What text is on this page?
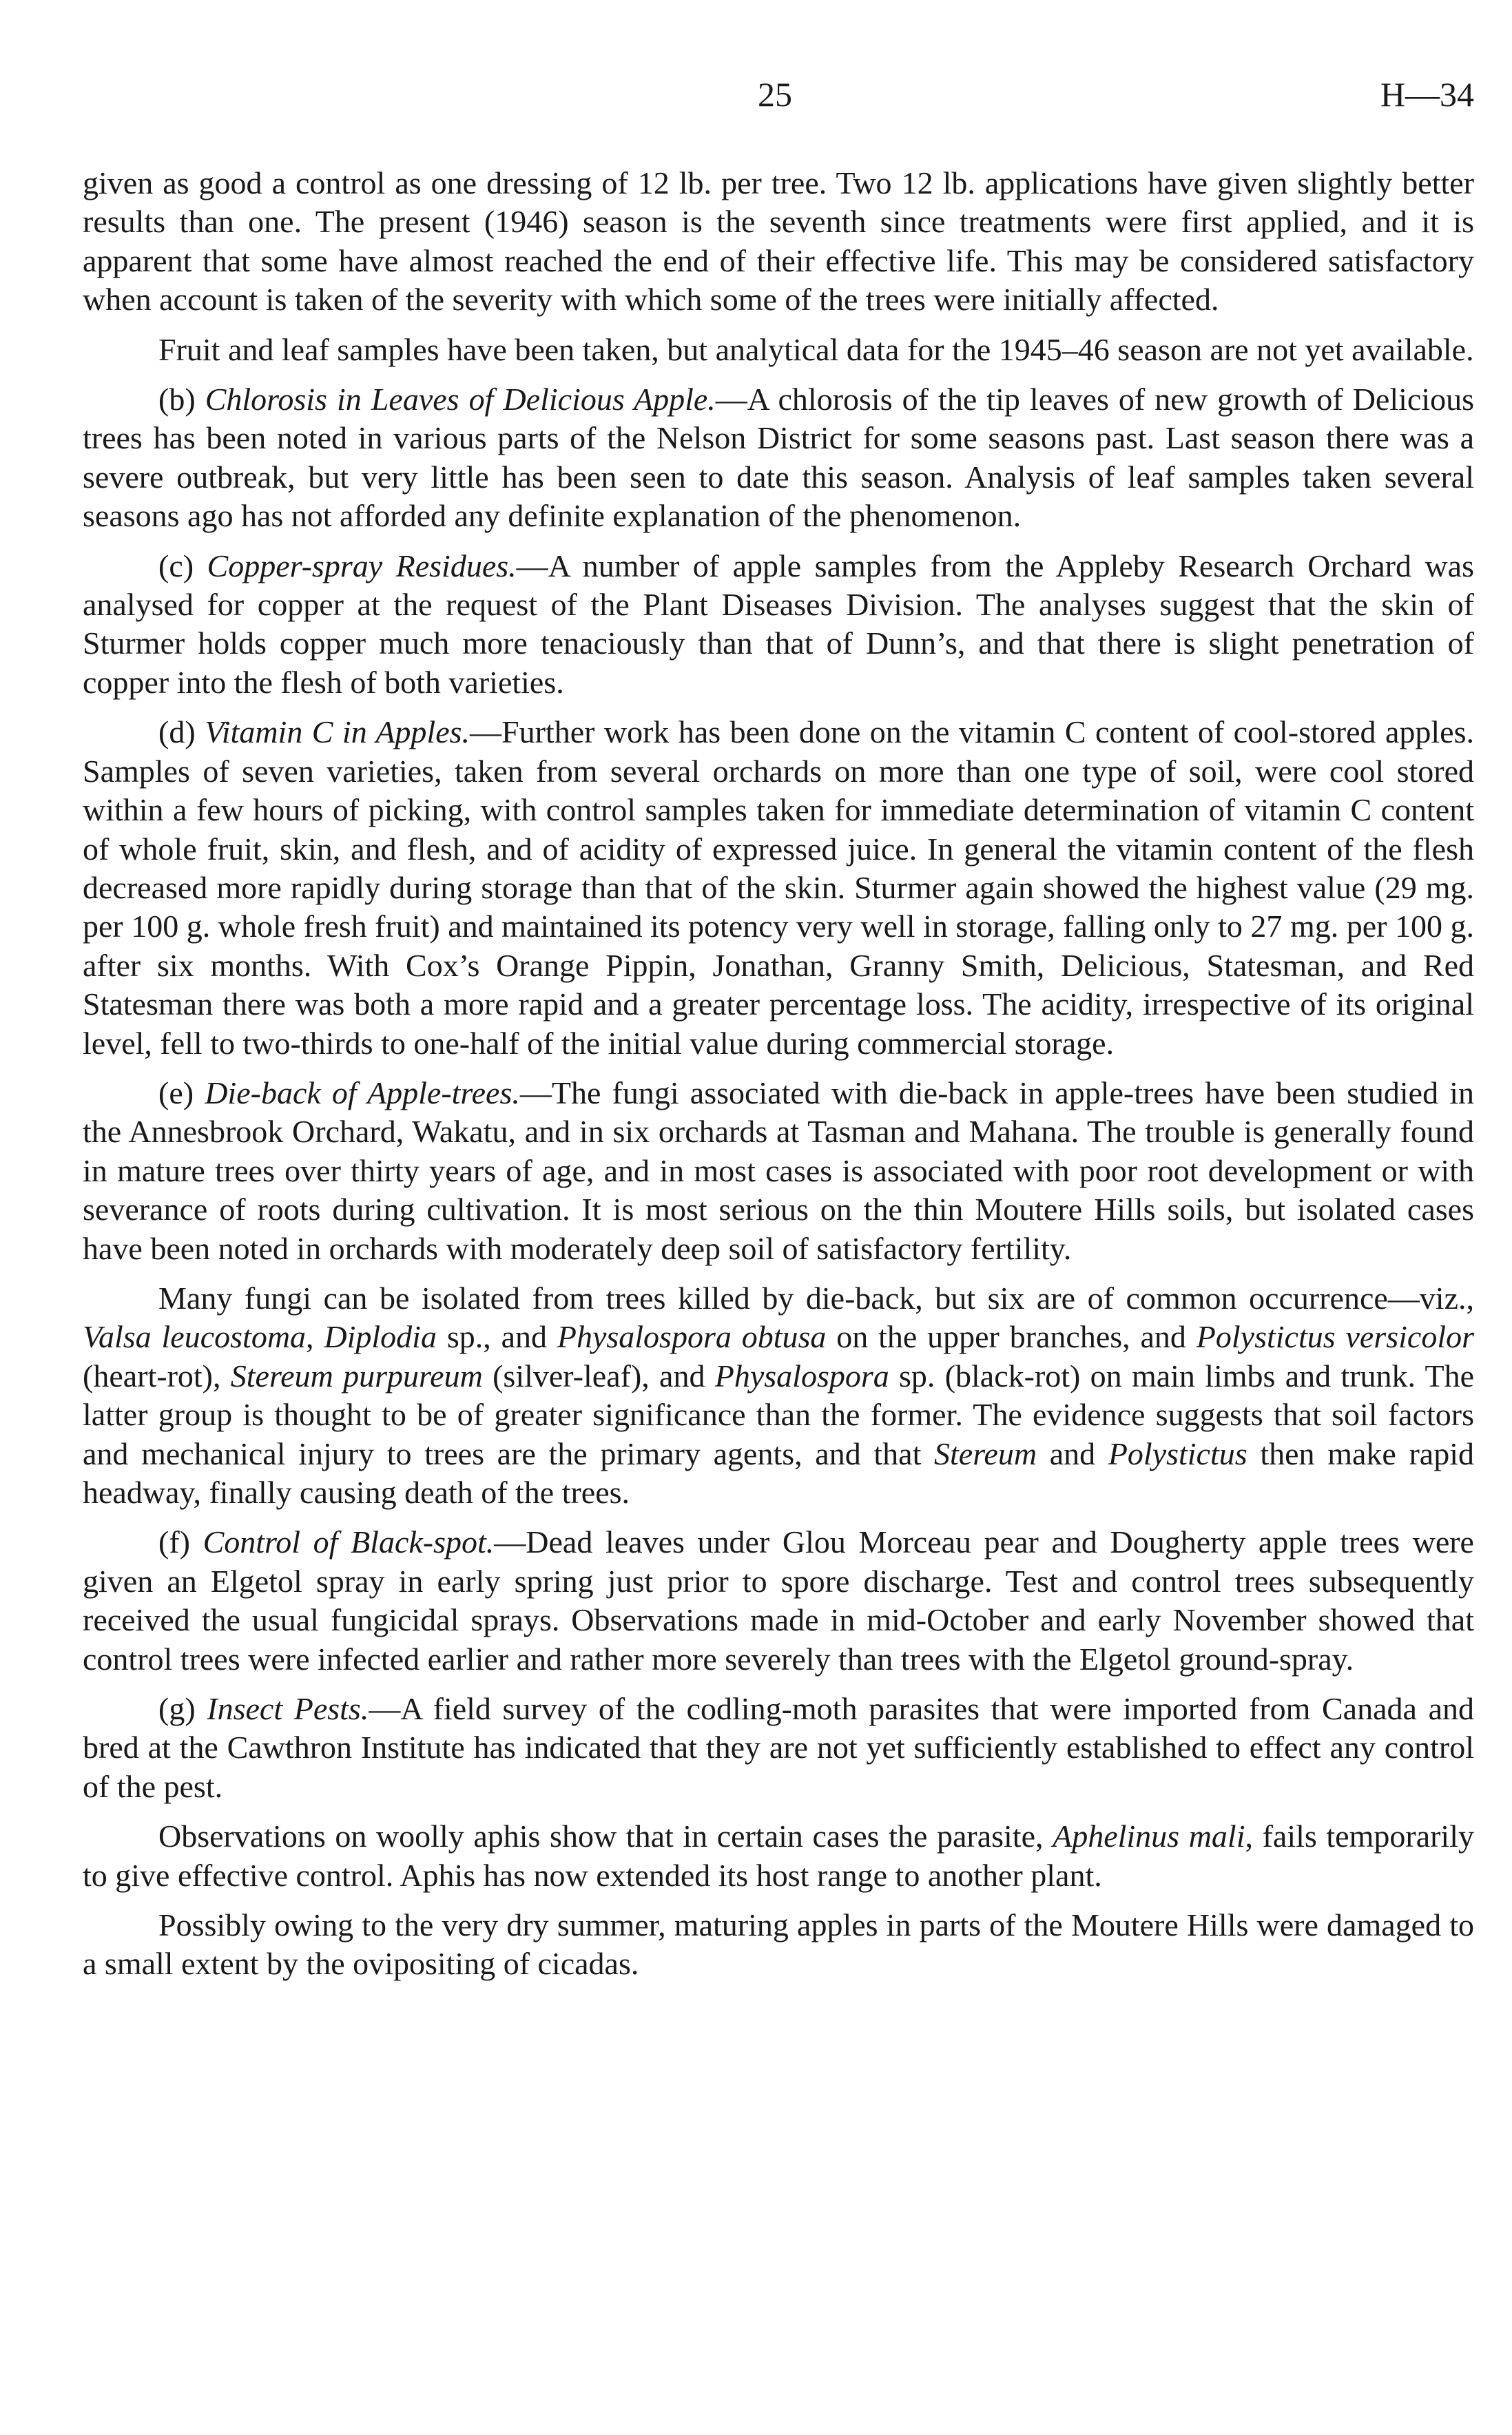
25	H—34

given as good a control as one dressing of 12 lb. per tree. Two 12 lb. applications have given slightly better results than one. The present (1946) season is the seventh since treatments were first applied, and it is apparent that some have almost reached the end of their effective life. This may be considered satisfactory when account is taken of the severity with which some of the trees were initially affected.

Fruit and leaf samples have been taken, but analytical data for the 1945–46 season are not yet available.

(b) Chlorosis in Leaves of Delicious Apple.—A chlorosis of the tip leaves of new growth of Delicious trees has been noted in various parts of the Nelson District for some seasons past. Last season there was a severe outbreak, but very little has been seen to date this season. Analysis of leaf samples taken several seasons ago has not afforded any definite explanation of the phenomenon.

(c) Copper-spray Residues.—A number of apple samples from the Appleby Research Orchard was analysed for copper at the request of the Plant Diseases Division. The analyses suggest that the skin of Sturmer holds copper much more tenaciously than that of Dunn’s, and that there is slight penetration of copper into the flesh of both varieties.

(d) Vitamin C in Apples.—Further work has been done on the vitamin C content of cool-stored apples. Samples of seven varieties, taken from several orchards on more than one type of soil, were cool stored within a few hours of picking, with control samples taken for immediate determination of vitamin C content of whole fruit, skin, and flesh, and of acidity of expressed juice. In general the vitamin content of the flesh decreased more rapidly during storage than that of the skin. Sturmer again showed the highest value (29 mg. per 100 g. whole fresh fruit) and maintained its potency very well in storage, falling only to 27 mg. per 100 g. after six months. With Cox’s Orange Pippin, Jonathan, Granny Smith, Delicious, Statesman, and Red Statesman there was both a more rapid and a greater percentage loss. The acidity, irrespective of its original level, fell to two-thirds to one-half of the initial value during commercial storage.

(e) Die-back of Apple-trees.—The fungi associated with die-back in apple-trees have been studied in the Annesbrook Orchard, Wakatu, and in six orchards at Tasman and Mahana. The trouble is generally found in mature trees over thirty years of age, and in most cases is associated with poor root development or with severance of roots during cultivation. It is most serious on the thin Moutere Hills soils, but isolated cases have been noted in orchards with moderately deep soil of satisfactory fertility.

Many fungi can be isolated from trees killed by die-back, but six are of common occurrence—viz., Valsa leucostoma, Diplodia sp., and Physalospora obtusa on the upper branches, and Polystictus versicolor (heart-rot), Stereum purpureum (silver-leaf), and Physalospora sp. (black-rot) on main limbs and trunk. The latter group is thought to be of greater significance than the former. The evidence suggests that soil factors and mechanical injury to trees are the primary agents, and that Stereum and Polystictus then make rapid headway, finally causing death of the trees.

(f) Control of Black-spot.—Dead leaves under Glou Morceau pear and Dougherty apple trees were given an Elgetol spray in early spring just prior to spore discharge. Test and control trees subsequently received the usual fungicidal sprays. Observations made in mid-October and early November showed that control trees were infected earlier and rather more severely than trees with the Elgetol ground-spray.

(g) Insect Pests.—A field survey of the codling-moth parasites that were imported from Canada and bred at the Cawthron Institute has indicated that they are not yet sufficiently established to effect any control of the pest.

Observations on woolly aphis show that in certain cases the parasite, Aphelinus mali, fails temporarily to give effective control. Aphis has now extended its host range to another plant.

Possibly owing to the very dry summer, maturing apples in parts of the Moutere Hills were damaged to a small extent by the ovipositing of cicadas.
